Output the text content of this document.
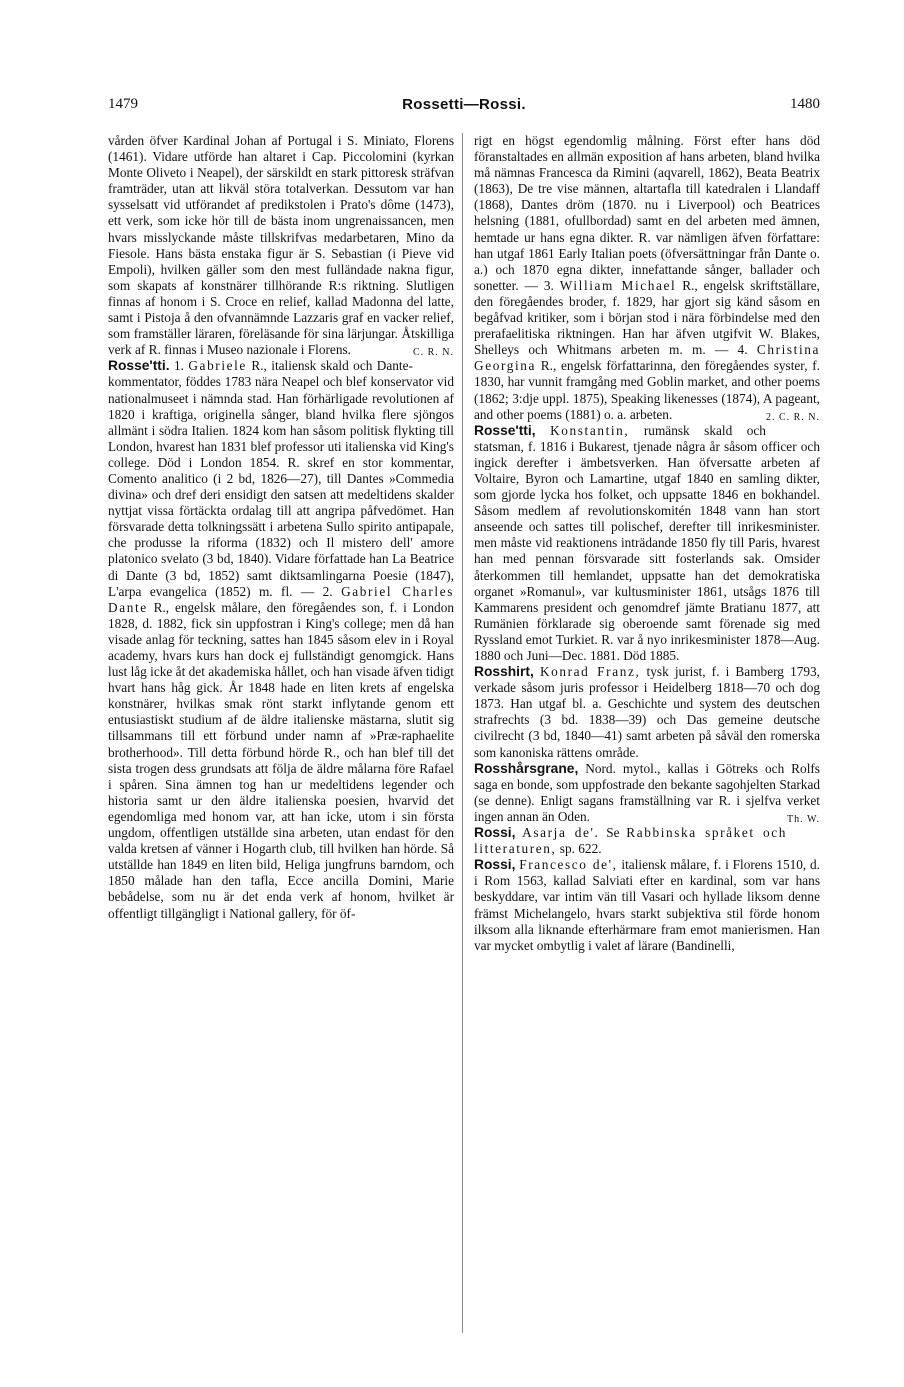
1479	Rossetti—Rossi.	1480

vården öfver Kardinal Johan af Portugal i S. Miniato, Florens (1461). Vidare utförde han altaret i Cap. Piccolomini (kyrkan Monte Oliveto i Neapel), der särskildt en stark pittoresk sträfvan framträder, utan att likväl störa totalverkan. Dessutom var han sysselsatt vid utförandet af predikstolen i Prato's dôme (1473), ett verk, som icke hör till de bästa inom ungrenaissancen, men hvars misslyckande måste tillskrifvas medarbetaren, Mino da Fiesole. Hans bästa enstaka figur är S. Sebastian (i Pieve vid Empoli), hvilken gäller som den mest fulländade nakna figur, som skapats af konstnärer tillhörande R:s riktning. Slutligen finnas af honom i S. Croce en relief, kallad Madonna del latte, samt i Pistoja å den ofvannämnde Lazzaris graf en vacker relief, som framställer läraren, föreläsande för sina lärjungar. Åtskilliga verk af R. finnas i Museo nazionale i Florens.	C. R. N.

Rosse'tti. 1. Gabriele R., italiensk skald och Dante-kommentator, föddes 1783 nära Neapel och blef konservator vid nationalmuseet i nämnda stad. Han förhärligade revolutionen af 1820 i kraftiga, originella sånger, bland hvilka flere sjöngos allmänt i södra Italien. 1824 kom han såsom politisk flykting till London, hvarest han 1831 blef professor uti italienska vid King's college. Död i London 1854. R. skref en stor kommentar, Comento analitico (i 2 bd, 1826—27), till Dantes »Commedia divina» och dref deri ensidigt den satsen att medeltidens skalder nyttjat vissa förtäckta ordalag till att angripa påfvedömet. Han försvarade detta tolkningssätt i arbetena Sullo spirito antipapale, che produsse la riforma (1832) och Il mistero dell' amore platonico svelato (3 bd, 1840). Vidare författade han La Beatrice di Dante (3 bd, 1852) samt diktsamlingarna Poesie (1847), L'arpa evangelica (1852) m. fl. — 2. Gabriel Charles Dante R., engelsk målare, den föregåendes son, f. i London 1828, d. 1882, fick sin uppfostran i King's college; men då han visade anlag för teckning, sattes han 1845 såsom elev in i Royal academy, hvars kurs han dock ej fullständigt genomgick. Hans lust låg icke åt det akademiska hållet, och han visade äfven tidigt hvart hans håg gick. År 1848 hade en liten krets af engelska konstnärer, hvilkas smak rönt starkt inflytande genom ett entusiastiskt studium af de äldre italienske mästarna, slutit sig tillsammans till ett förbund under namn af »Præ-raphaelite brotherhood». Till detta förbund hörde R., och han blef till det sista trogen dess grundsats att följa de äldre målarna före Rafael i spåren. Sina ämnen tog han ur medeltidens legender och historia samt ur den äldre italienska poesien, hvarvid det egendomliga med honom var, att han icke, utom i sin första ungdom, offentligen utställde sina arbeten, utan endast för den valda kretsen af vänner i Hogarth club, till hvilken han hörde. Så utställde han 1849 en liten bild, Heliga jungfruns barndom, och 1850 målade han den tafla, Ecce ancilla Domini, Marie bebådelse, som nu är det enda verk af honom, hvilket är offentligt tillgängligt i National gallery, för öf-

rigt en högst egendomlig målning. Först efter hans död föranstaltades en allmän exposition af hans arbeten, bland hvilka må nämnas Francesca da Rimini (aqvarell, 1862), Beata Beatrix (1863), De tre vise männen, altartafla till katedralen i Llandaff (1868), Dantes dröm (1870. nu i Liverpool) och Beatrices helsning (1881, ofullbordad) samt en del arbeten med ämnen, hemtade ur hans egna dikter. R. var nämligen äfven författare: han utgaf 1861 Early Italian poets (öfversättningar från Dante o. a.) och 1870 egna dikter, innefattande sånger, ballader och sonetter. — 3. William Michael R., engelsk skriftställare, den föregåendes broder, f. 1829, har gjort sig känd såsom en begåfvad kritiker, som i början stod i nära förbindelse med den prerafaelitiska riktningen. Han har äfven utgifvit W. Blakes, Shelleys och Whitmans arbeten m. m. — 4. Christina Georgina R., engelsk författarinna, den föregåendes syster, f. 1830, har vunnit framgång med Goblin market, and other poems (1862; 3:dje uppl. 1875), Speaking likenesses (1874), A pageant, and other poems (1881) o. a. arbeten.	2. C. R. N.

Rosse'tti, Konstantin, rumänsk skald och statsman, f. 1816 i Bukarest, tjenade några år såsom officer och ingick derefter i ämbetsverken. Han öfversatte arbeten af Voltaire, Byron och Lamartine, utgaf 1840 en samling dikter, som gjorde lycka hos folket, och uppsatte 1846 en bokhandel. Såsom medlem af revolutionskomitén 1848 vann han stort anseende och sattes till polischef, derefter till inrikesminister. men måste vid reaktionens inträdande 1850 fly till Paris, hvarest han med pennan försvarade sitt fosterlands sak. Omsider återkommen till hemlandet, uppsatte han det demokratiska organet »Romanul», var kultusminister 1861, utsågs 1876 till Kammarens president och genomdref jämte Bratianu 1877, att Rumänien förklarade sig oberoende samt förenade sig med Ryssland emot Turkiet. R. var å nyo inrikesminister 1878—Aug. 1880 och Juni—Dec. 1881. Död 1885.

Rosshirt, Konrad Franz, tysk jurist, f. i Bamberg 1793, verkade såsom juris professor i Heidelberg 1818—70 och dog 1873. Han utgaf bl. a. Geschichte und system des deutschen strafrechts (3 bd. 1838—39) och Das gemeine deutsche civilrecht (3 bd, 1840—41) samt arbeten på såväl den romerska som kanoniska rättens område.

Rosshårsgrane, Nord. mytol., kallas i Götreks och Rolfs saga en bonde, som uppfostrade den bekante sagohjelten Starkad (se denne). Enligt sagans framställning var R. i sjelfva verket ingen annan än Oden.	Th. W.

Rossi, Asarja de'. Se Rabbinska språket och litteraturen, sp. 622.

Rossi, Francesco de', italiensk målare, f. i Florens 1510, d. i Rom 1563, kallad Salviati efter en kardinal, som var hans beskyddare, var intim vän till Vasari och hyllade liksom denne främst Michelangelo, hvars starkt subjektiva stil förde honom ilksom alla liknande efterhärmare fram emot manierismen. Han var mycket ombytlig i valet af lärare (Bandinelli,
